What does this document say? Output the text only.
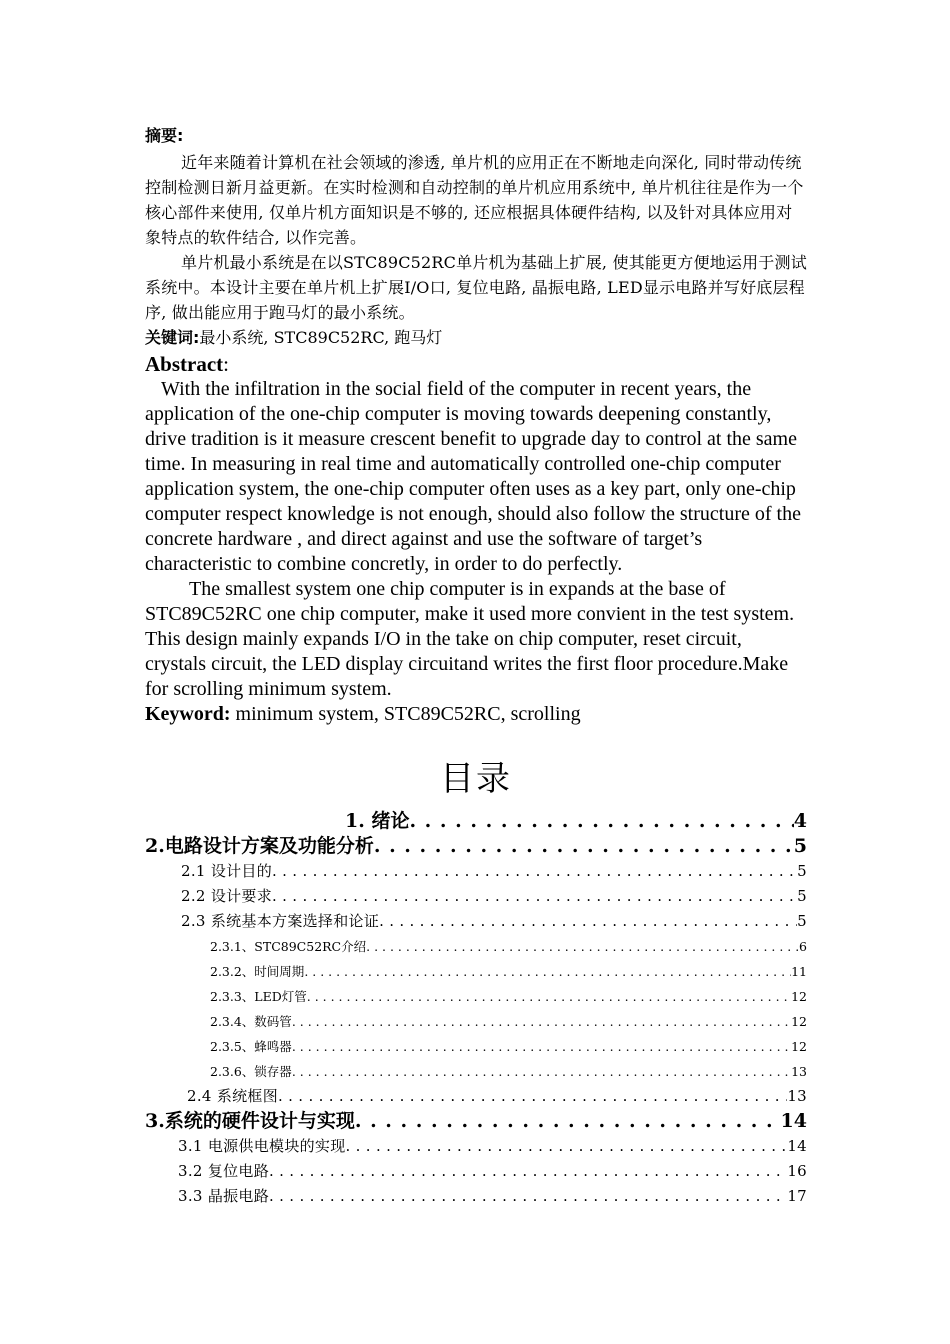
摘要:

近年来随着计算机在社会领域的渗透, 单片机的应用正在不断地走向深化, 同时带动传统控制检测日新月益更新。在实时检测和自动控制的单片机应用系统中, 单片机往往是作为一个核心部件来使用, 仅单片机方面知识是不够的, 还应根据具体硬件结构, 以及针对具体应用对象特点的软件结合, 以作完善。

单片机最小系统是在以STC89C52RC单片机为基础上扩展, 使其能更方便地运用于测试系统中。本设计主要在单片机上扩展I/O口, 复位电路, 晶振电路, LED显示电路并写好底层程序, 做出能应用于跑马灯的最小系统。

关键词:最小系统, STC89C52RC, 跑马灯

Abstract:

With the infiltration in the social field of the computer in recent years, the application of the one-chip computer is moving towards deepening constantly, drive tradition is it measure crescent benefit to upgrade day to control at the same time. In measuring in real time and automatically controlled one-chip computer application system, the one-chip computer often uses as a key part, only one-chip computer respect knowledge is not enough, should also follow the structure of the concrete hardware , and direct against and use the software of target’s characteristic to combine concretly, in order to do perfectly.

The smallest system one chip computer is in expands at the base of STC89C52RC one chip computer, make it used more convient in the test system. This design mainly expands I/O in the take on chip computer, reset circuit, crystals circuit, the LED display circuitand writes the first floor procedure.Make for scrolling minimum system.

Keyword: minimum system, STC89C52RC, scrolling

目录
1. 绪论 . . .	4
2.电路设计方案及功能分析 . . .	5
2.1 设计目的 . . .	5
2.2 设计要求 . . .	5
2.3 系统基本方案选择和论证 . . .	5
2.3.1、STC89C52RC介绍 . . .	6
2.3.2、时间周期 . . .	11
2.3.3、LED灯管 . . .	12
2.3.4、数码管 . . .	12
2.3.5、蜂鸣器 . . .	12
2.3.6、锁存器 . . .	13
2.4 系统框图 . . .	13
3.系统的硬件设计与实现 . . .	14
3.1 电源供电模块的实现 . . .	14
3.2 复位电路 . . .	16
3.3 晶振电路 . . .	17
